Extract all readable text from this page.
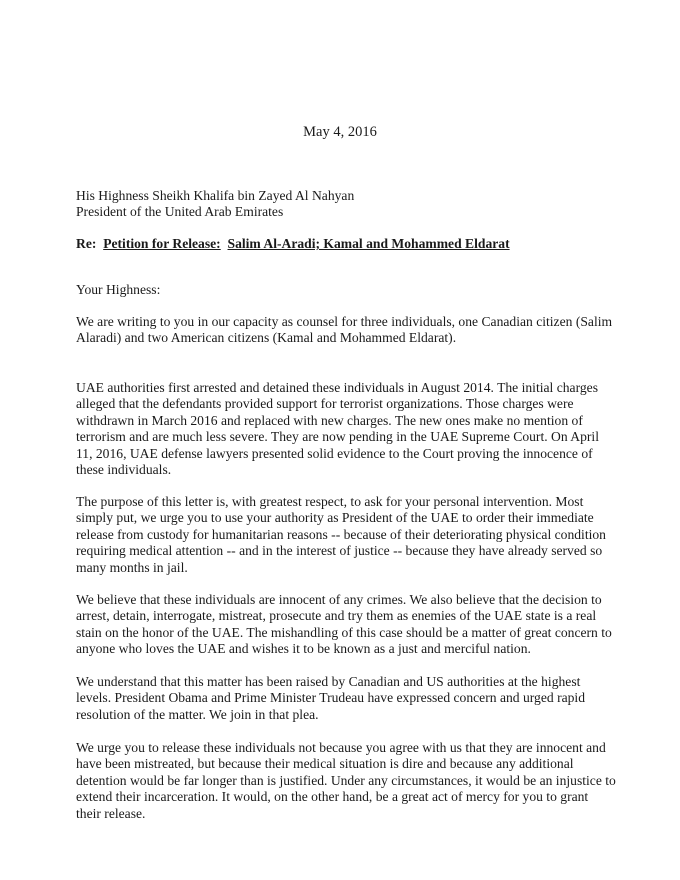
May 4, 2016

His Highness Sheikh Khalifa bin Zayed Al Nahyan

President of the United Arab Emirates

Re: Petition for Release: Salim Al-Aradi; Kamal and Mohammed Eldarat
Your Highness:
We are writing to you in our capacity as counsel for three individuals, one Canadian citizen (Salim Alaradi) and two American citizens (Kamal and Mohammed Eldarat).
UAE authorities first arrested and detained these individuals in August 2014. The initial charges alleged that the defendants provided support for terrorist organizations. Those charges were withdrawn in March 2016 and replaced with new charges. The new ones make no mention of terrorism and are much less severe. They are now pending in the UAE Supreme Court. On April 11, 2016, UAE defense lawyers presented solid evidence to the Court proving the innocence of these individuals.
The purpose of this letter is, with greatest respect, to ask for your personal intervention. Most simply put, we urge you to use your authority as President of the UAE to order their immediate release from custody for humanitarian reasons -- because of their deteriorating physical condition requiring medical attention -- and in the interest of justice -- because they have already served so many months in jail.
We believe that these individuals are innocent of any crimes. We also believe that the decision to arrest, detain, interrogate, mistreat, prosecute and try them as enemies of the UAE state is a real stain on the honor of the UAE. The mishandling of this case should be a matter of great concern to anyone who loves the UAE and wishes it to be known as a just and merciful nation.
We understand that this matter has been raised by Canadian and US authorities at the highest levels. President Obama and Prime Minister Trudeau have expressed concern and urged rapid resolution of the matter. We join in that plea.
We urge you to release these individuals not because you agree with us that they are innocent and have been mistreated, but because their medical situation is dire and because any additional detention would be far longer than is justified. Under any circumstances, it would be an injustice to extend their incarceration. It would, on the other hand, be a great act of mercy for you to grant their release.
